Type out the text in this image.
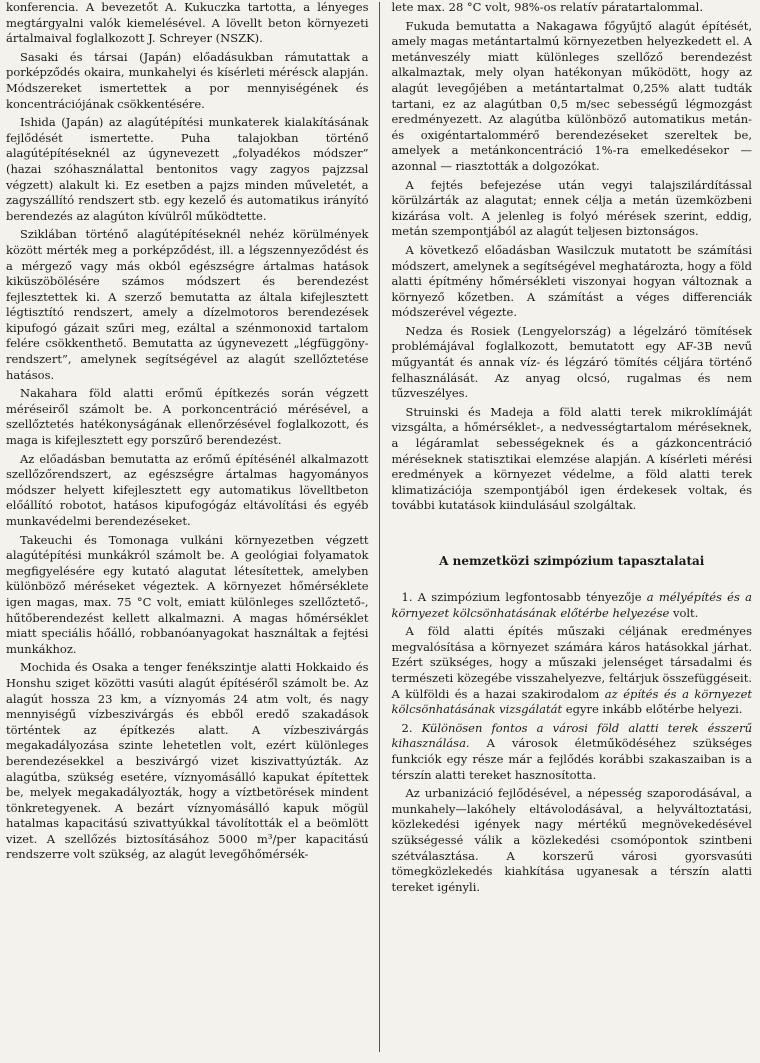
konferencia. A bevezetőt A. Kukuczka tartotta, a lényeges megtárgyalni valók kiemelésével. A lövellt beton környezeti ártalmaival foglalkozott J. Schreyer (NSZK).

Sasaki és társai (Japán) előadásukban rámutattak a porképződés okaira, munkahelyi és kísérleti mérésck alapján. Módszereket ismertettek a por mennyiségének és koncentrációjának csökkentésére.

Ishida (Japán) az alagútépítési munkaterek kialakításának fejlődését ismertette. Puha talajokban történő alagútépítéseknél az úgynevezett „folyadékos módszer” (hazai szóhasználattal bentonitos vagy zagyos pajzzsal végzett) alakult ki. Ez esetben a pajzs minden műveletét, a zagyszállító rendszert stb. egy kezelő és automatikus irányító berendezés az alagúton kívülről működtette.

Sziklában történő alagútépítéseknél nehéz körülmények között mérték meg a porképződést, ill. a légszennyeződést és a mérgező vagy más okból egészségre ártalmas hatások kiküszöbölésére számos módszert és berendezést fejlesztettek ki. A szerző bemutatta az általa kifejlesztett légtisztító rendszert, amely a dízelmotoros berendezések kipufogó gázait szűri meg, ezáltal a szénmonoxid tartalom felére csökkenthető. Bemutatta az úgynevezett „légfüggöny-rendszert”, amelynek segítségével az alagút szellőztetése hatásos.

Nakahara föld alatti erőmű építkezés során végzett méréseiről számolt be. A porkoncentráció mérésével, a szellőztetés hatékonyságának ellenőrzésével foglalkozott, és maga is kifejlesztett egy porszűrő berendezést.

Az előadásban bemutatta az erőmű építésénél alkalmazott szellőzőrendszert, az egészségre ártalmas hagyományos módszer helyett kifejlesztett egy automatikus lövelltbeton előállító robotot, hatásos kipufogógáz eltávolítási és egyéb munkavédelmi berendezéseket.

Takeuchi és Tomonaga vulkáni környezetben végzett alagútépítési munkákról számolt be. A geológiai folyamatok megfigyelésére egy kutató alagutat létesítettek, amelyben különböző méréseket végeztek. A környezet hőmérséklete igen magas, max. 75 °C volt, emiatt különleges szellőztető-, hűtőberendezést kellett alkalmazni. A magas hőmérséklet miatt speciális hőálló, robbanóanyagokat használtak a fejtési munkákhoz.

Mochida és Osaka a tenger fenékszintje alatti Hokkaido és Honshu sziget közötti vasúti alagút építéséről számolt be. Az alagút hossza 23 km, a víznyomás 24 atm volt, és nagy mennyiségű vízbeszivárgás és ebből eredő szakadások történtek az építkezés alatt. A vízbeszivárgás megakadályozása szinte lehetetlen volt, ezért különleges berendezésekkel a beszivárgó vizet kiszivattyúzták. Az alagútba, szükség esetére, víznyomásálló kapukat építettek be, melyek megakadályozták, hogy a víztbetörések mindent tönkretegyenek. A bezárt víznyomásálló kapuk mögül hatalmas kapacitású szivattyúkkal távolították el a beömlött vizet. A szellőzés biztosításához 5000 m³/per kapacitású rendszerre volt szükség, az alagút levegőhőmérsék-

lete max. 28 °C volt, 98%-os relatív páratartalommal.

Fukuda bemutatta a Nakagawa főgyűjtő alagút építését, amely magas metántartalmú környezetben helyezkedett el. A metánveszély miatt különleges szellőző berendezést alkalmaztak, mely olyan hatékonyan működött, hogy az alagút levegőjében a metántartalmat 0,25% alatt tudták tartani, ez az alagútban 0,5 m/sec sebességű légmozgást eredményezett. Az alagútba különböző automatikus metán- és oxigéntartalommérő berendezéseket szereltek be, amelyek a metánkoncentráció 1%-ra emelkedésekor — azonnal — riasztották a dolgozókat.

A fejtés befejezése után vegyi talajszilárdítással körülzárták az alagutat; ennek célja a metán üzemközbeni kizárása volt. A jelenleg is folyó mérések szerint, eddig, metán szempontjából az alagút teljesen biztonságos.

A következő előadásban Wasilczuk mutatott be számítási módszert, amelynek a segítségével meghatározta, hogy a föld alatti építmény hőmérsékleti viszonyai hogyan változnak a környező kőzetben. A számítást a véges differenciák módszerével végezte.

Nedza és Rosiek (Lengyelország) a légelzáró tömítések problémájával foglalkozott, bemutatott egy AF-3B nevű műgyantát és annak víz- és légzáró tömítés céljára történő felhasználását. Az anyag olcsó, rugalmas és nem tűzveszélyes.

Struinski és Madeja a föld alatti terek mikroklímáját vizsgálta, a hőmérséklet-, a nedvességtartalom méréseknek, a légáramlat sebességeknek és a gázkoncentráció méréseknek statisztikai elemzése alapján. A kísérleti mérési eredmények a környezet védelme, a föld alatti terek klimatizációja szempontjából igen érdekesek voltak, és további kutatások kiindulásául szolgáltak.

A nemzetközi szimpózium tapasztalatai

1. A szimpózium legfontosabb tényezője a mélyépítés és a környezet kölcsönhatásának előtérbe helyezése volt.

A föld alatti építés műszaki céljának eredményes megvalósítása a környezet számára káros hatásokkal járhat. Ezért szükséges, hogy a műszaki jelenséget társadalmi és természeti közegébe visszahelyezve, feltárjuk összefüggéseit. A külföldi és a hazai szakirodalom az építés és a környezet kölcsönhatásának vizsgálatát egyre inkább előtérbe helyezi.

2. Különösen fontos a városi föld alatti terek ésszerű kihasználása. A városok életműködéséhez szükséges funkciók egy része már a fejlődés korábbi szakaszaiban is a térszín alatti tereket hasznosította.

Az urbanizáció fejlődésével, a népesség szaporodásával, a munkahely—lakóhely eltávolodásával, a helyváltoztatási, közlekedési igények nagy mértékű megnövekedésével szükségessé válik a közlekedési csomópontok szintbeni szétválasztása. A korszerű városi gyorsvasúti tömegközlekedés kiahkítása ugyanesak a térszín alatti tereket igényli.
